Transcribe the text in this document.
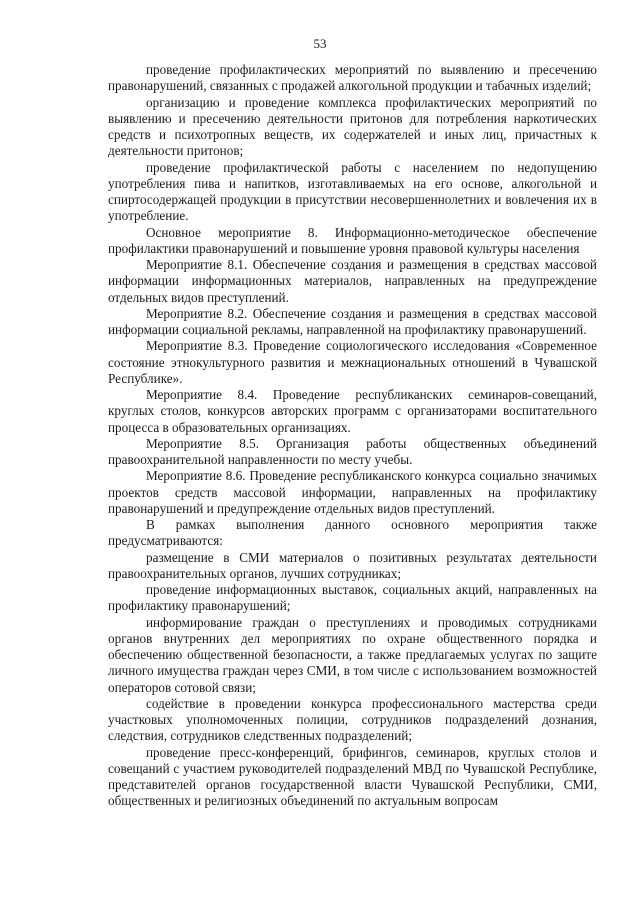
53

проведение профилактических мероприятий по выявлению и пресечению правонарушений, связанных с продажей алкогольной продукции и табачных изделий;

организацию и проведение комплекса профилактических мероприятий по выявлению и пресечению деятельности притонов для потребления наркотических средств и психотропных веществ, их содержателей и иных лиц, причастных к деятельности притонов;

проведение профилактической работы с населением по недопущению употребления пива и напитков, изготавливаемых на его основе, алкогольной и спиртосодержащей продукции в присутствии несовершеннолетних и вовлечения их в употребление.

Основное мероприятие 8. Информационно-методическое обеспечение профилактики правонарушений и повышение уровня правовой культуры населения

Мероприятие 8.1. Обеспечение создания и размещения в средствах массовой информации информационных материалов, направленных на предупреждение отдельных видов преступлений.

Мероприятие 8.2. Обеспечение создания и размещения в средствах массовой информации социальной рекламы, направленной на профилактику правонарушений.

Мероприятие 8.3. Проведение социологического исследования «Современное состояние этнокультурного развития и межнациональных отношений в Чувашской Республике».

Мероприятие 8.4. Проведение республиканских семинаров-совещаний, круглых столов, конкурсов авторских программ с организаторами воспитательного процесса в образовательных организациях.

Мероприятие 8.5. Организация работы общественных объединений правоохранительной направленности по месту учебы.

Мероприятие 8.6. Проведение республиканского конкурса социально значимых проектов средств массовой информации, направленных на профилактику правонарушений и предупреждение отдельных видов преступлений.

В рамках выполнения данного основного мероприятия также предусматриваются:

размещение в СМИ материалов о позитивных результатах деятельности правоохранительных органов, лучших сотрудниках;

проведение информационных выставок, социальных акций, направленных на профилактику правонарушений;

информирование граждан о преступлениях и проводимых сотрудниками органов внутренних дел мероприятиях по охране общественного порядка и обеспечению общественной безопасности, а также предлагаемых услугах по защите личного имущества граждан через СМИ, в том числе с использованием возможностей операторов сотовой связи;

содействие в проведении конкурса профессионального мастерства среди участковых уполномоченных полиции, сотрудников подразделений дознания, следствия, сотрудников следственных подразделений;

проведение пресс-конференций, брифингов, семинаров, круглых столов и совещаний с участием руководителей подразделений МВД по Чувашской Республике, представителей органов государственной власти Чувашской Республики, СМИ, общественных и религиозных объединений по актуальным вопросам
